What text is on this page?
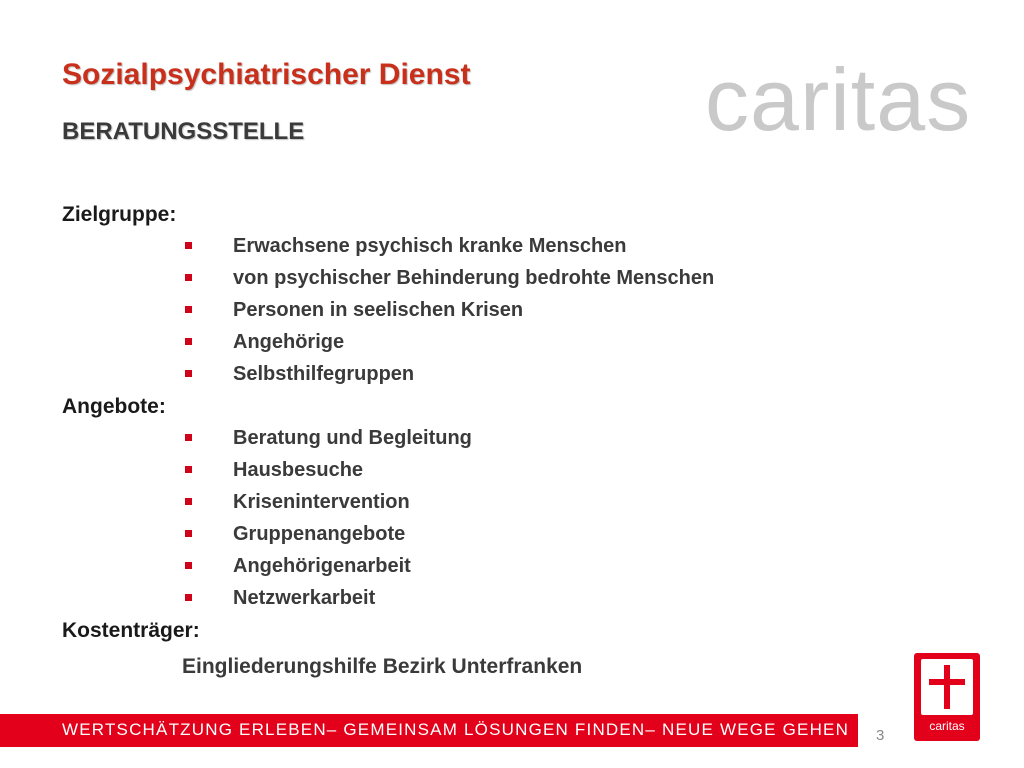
Sozialpsychiatrischer Dienst
BERATUNGSSTELLE	caritas
Zielgruppe:
Erwachsene psychisch kranke Menschen
von psychischer Behinderung bedrohte Menschen
Personen in seelischen Krisen
Angehörige
Selbsthilfegruppen
Angebote:
Beratung und Begleitung
Hausbesuche
Krisenintervention
Gruppenangebote
Angehörigenarbeit
Netzwerkarbeit
Kostenträger:

Eingliederungshilfe Bezirk Unterfranken

caritas
WERTSCHÄTZUNG ERLEBEN– GEMEINSAM LÖSUNGEN FINDEN– NEUE WEGE GEHEN 3
